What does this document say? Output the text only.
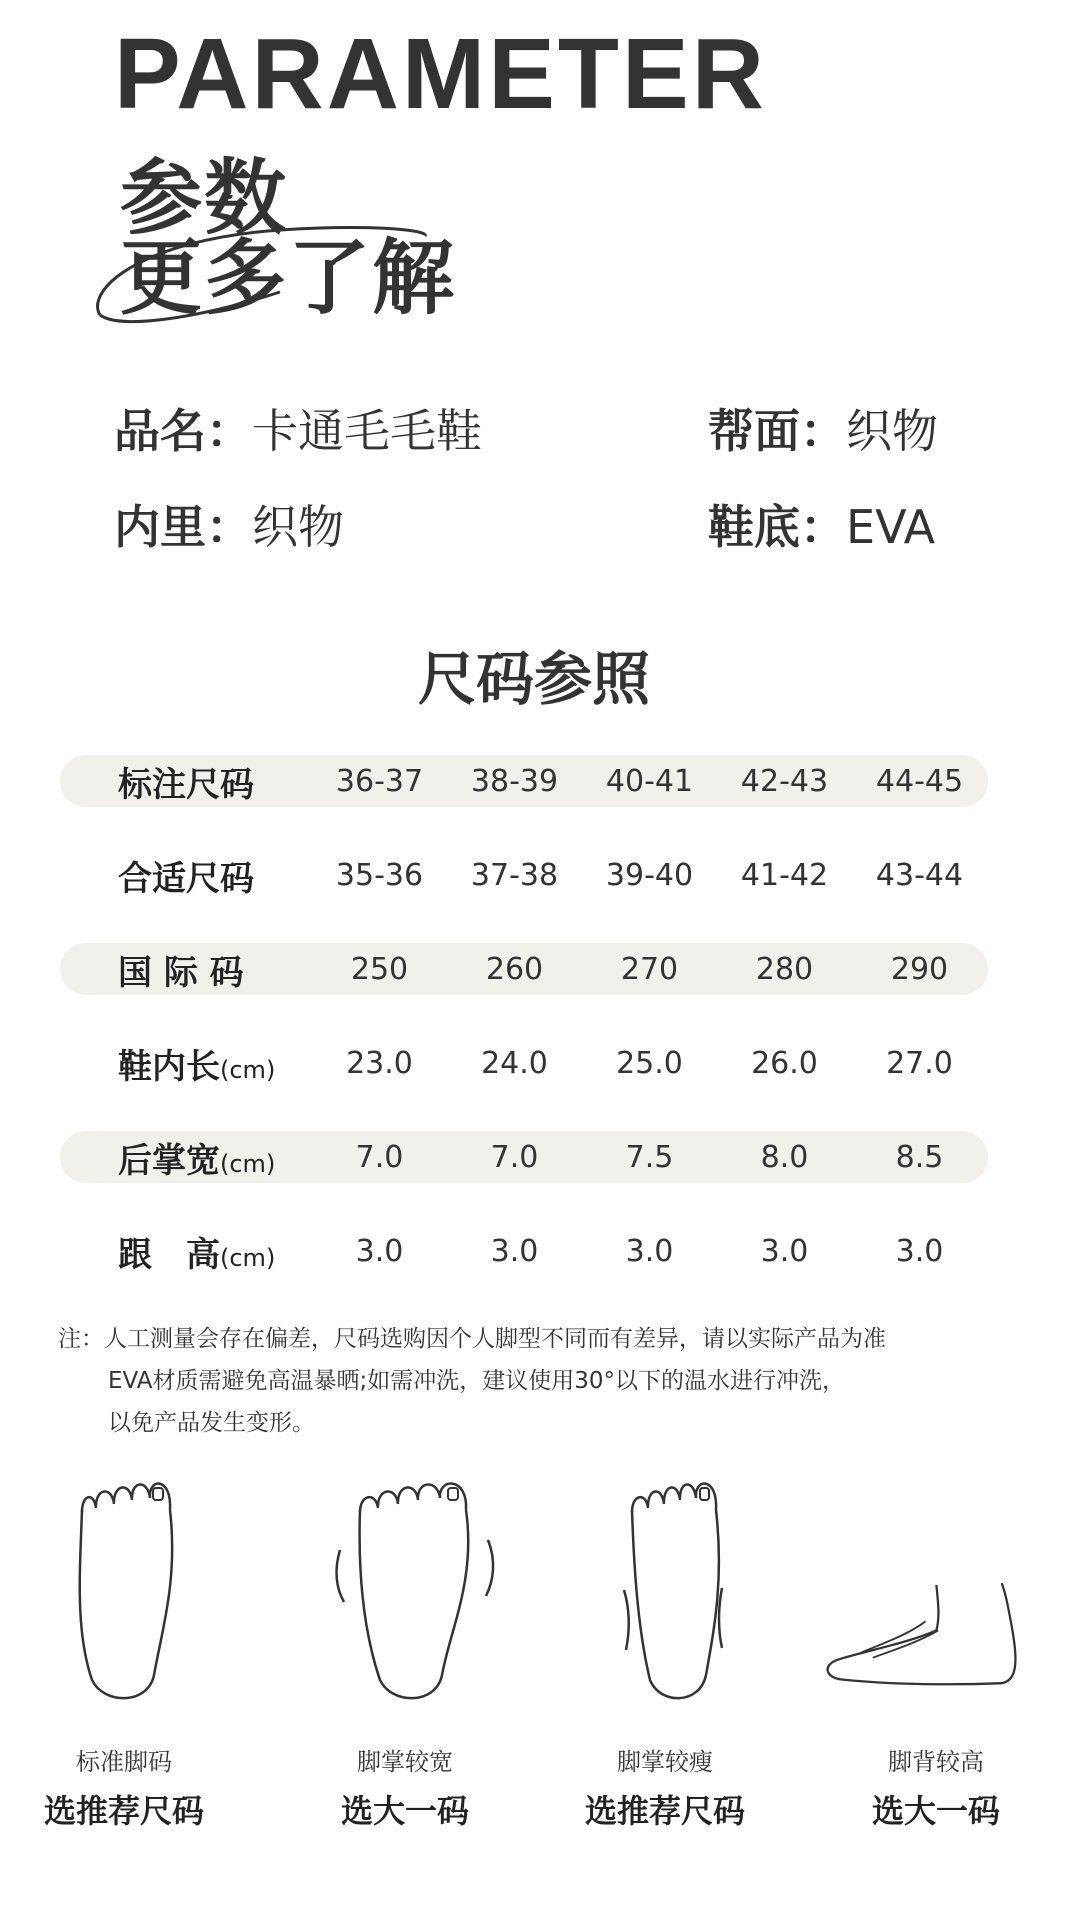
PARAMETER
参数
更多了解
品名：卡通毛毛鞋	帮面：织物
内里：织物	鞋底：EVA
尺码参照
标注尺码	36-37	38-39	40-41	42-43	44-45
合适尺码	35-36	37-38	39-40	41-42	43-44
国 际 码	250	260	270	280	290
鞋内长(cm)	23.0	24.0	25.0	26.0	27.0
后掌宽(cm)	7.0	7.0	7.5	8.0	8.5
跟　高(cm)	3.0	3.0	3.0	3.0	3.0
注：人工测量会存在偏差，尺码选购因个人脚型不同而有差异，请以实际产品为准
EVA材质需避免高温暴晒;如需冲洗，建议使用30°以下的温水进行冲洗，
以免产品发生变形。
标准脚码
选推荐尺码
脚掌较宽
选大一码
脚掌较瘦
选推荐尺码
脚背较高
选大一码
